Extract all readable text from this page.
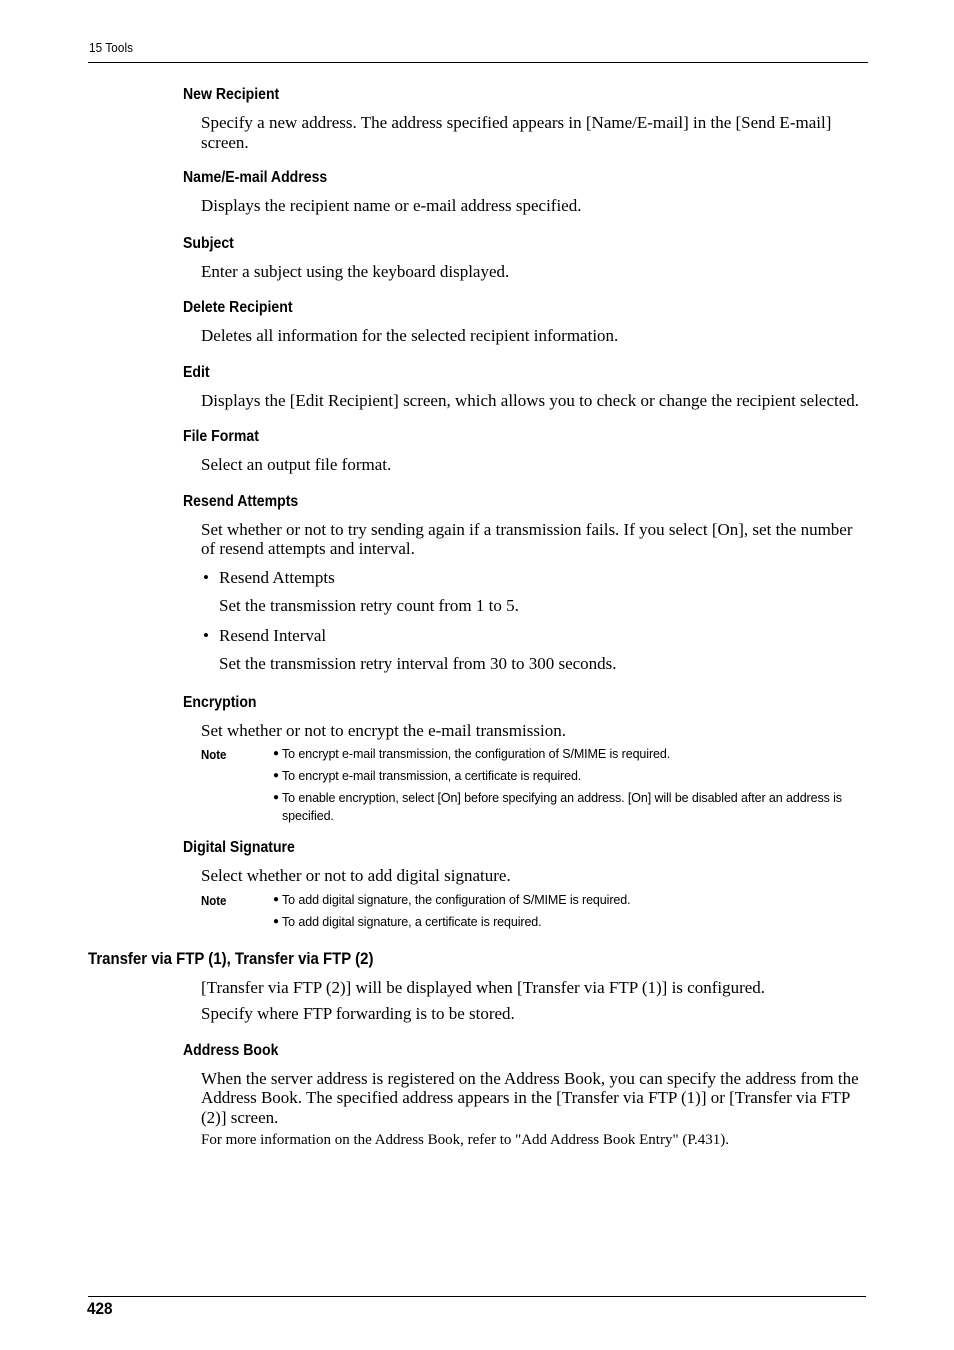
15 Tools
New Recipient
Specify a new address. The address specified appears in [Name/E-mail] in the [Send E-mail] screen.
Name/E-mail Address
Displays the recipient name or e-mail address specified.
Subject
Enter a subject using the keyboard displayed.
Delete Recipient
Deletes all information for the selected recipient information.
Edit
Displays the [Edit Recipient] screen, which allows you to check or change the recipient selected.
File Format
Select an output file format.
Resend Attempts
Set whether or not to try sending again if a transmission fails. If you select [On], set the number of resend attempts and interval.
• Resend Attempts
Set the transmission retry count from 1 to 5.
• Resend Interval
Set the transmission retry interval from 30 to 300 seconds.
Encryption
Set whether or not to encrypt the e-mail transmission.
Note	● To encrypt e-mail transmission, the configuration of S/MIME is required.
● To encrypt e-mail transmission, a certificate is required.
● To enable encryption, select [On] before specifying an address. [On] will be disabled after an address is specified.
Digital Signature
Select whether or not to add digital signature.
Note	● To add digital signature, the configuration of S/MIME is required.
● To add digital signature, a certificate is required.
Transfer via FTP (1), Transfer via FTP (2)
[Transfer via FTP (2)] will be displayed when [Transfer via FTP (1)] is configured.
Specify where FTP forwarding is to be stored.
Address Book
When the server address is registered on the Address Book, you can specify the address from the Address Book. The specified address appears in the [Transfer via FTP (1)] or [Transfer via FTP (2)] screen.
For more information on the Address Book, refer to "Add Address Book Entry" (P.431).
428
